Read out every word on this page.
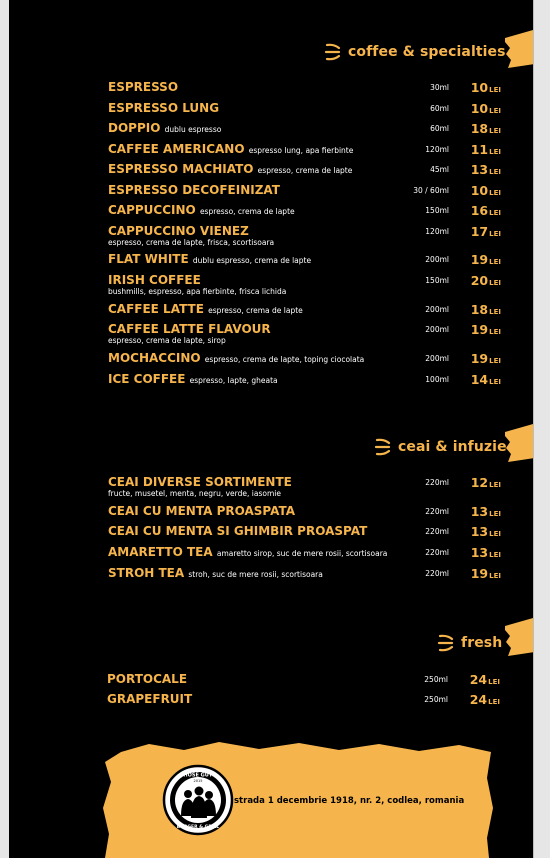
coffee & specialties
ESPRESSO	30ml 10LEI
ESPRESSO LUNG	60ml 10LEI
DOPPIO dublu espresso	60ml 18LEI
CAFFEE AMERICANO espresso lung, apa fierbinte	120ml 11LEI
ESPRESSO MACHIATO espresso, crema de lapte	45ml 13LEI
ESPRESSO DECOFEINIZAT	30 / 60ml 10LEI
CAPPUCCINO espresso, crema de lapte	150ml 16LEI
CAPPUCCINO VIENEZ
espresso, crema de lapte, frisca, scortisoara
120ml 17LEI
FLAT WHITE dublu espresso, crema de lapte	200ml 19LEI
IRISH COFFEE
bushmills, espresso, apa fierbinte, frisca lichida
150ml 20LEI
CAFFEE LATTE espresso, crema de lapte	200ml 18LEI
CAFFEE LATTE FLAVOUR
espresso, crema de lapte, sirop
200ml 19LEI
MOCHACCINO espresso, crema de lapte, toping ciocolata	200ml 19LEI
ICE COFFEE espresso, lapte, gheata	100ml 14LEI
ceai & infuzie
CEAI DIVERSE SORTIMENTE
fructe, musetel, menta, negru, verde, iasomie
220ml 12LEI
CEAI CU MENTA PROASPATA	220ml 13LEI
CEAI CU MENTA SI GHIMBIR PROASPAT	220ml 13LEI
AMARETTO TEA amaretto sirop, suc de mere rosii, scortisoara	220ml 13LEI
STROH TEA stroh, suc de mere rosii, scortisoara	220ml 19LEI
fresh
PORTOCALE	250ml 24LEI
GRAPEFRUIT	250ml 24LEI
THOSE GUYS
2015
BURGER & GRILL
strada 1 decembrie 1918, nr. 2, codlea, romania
